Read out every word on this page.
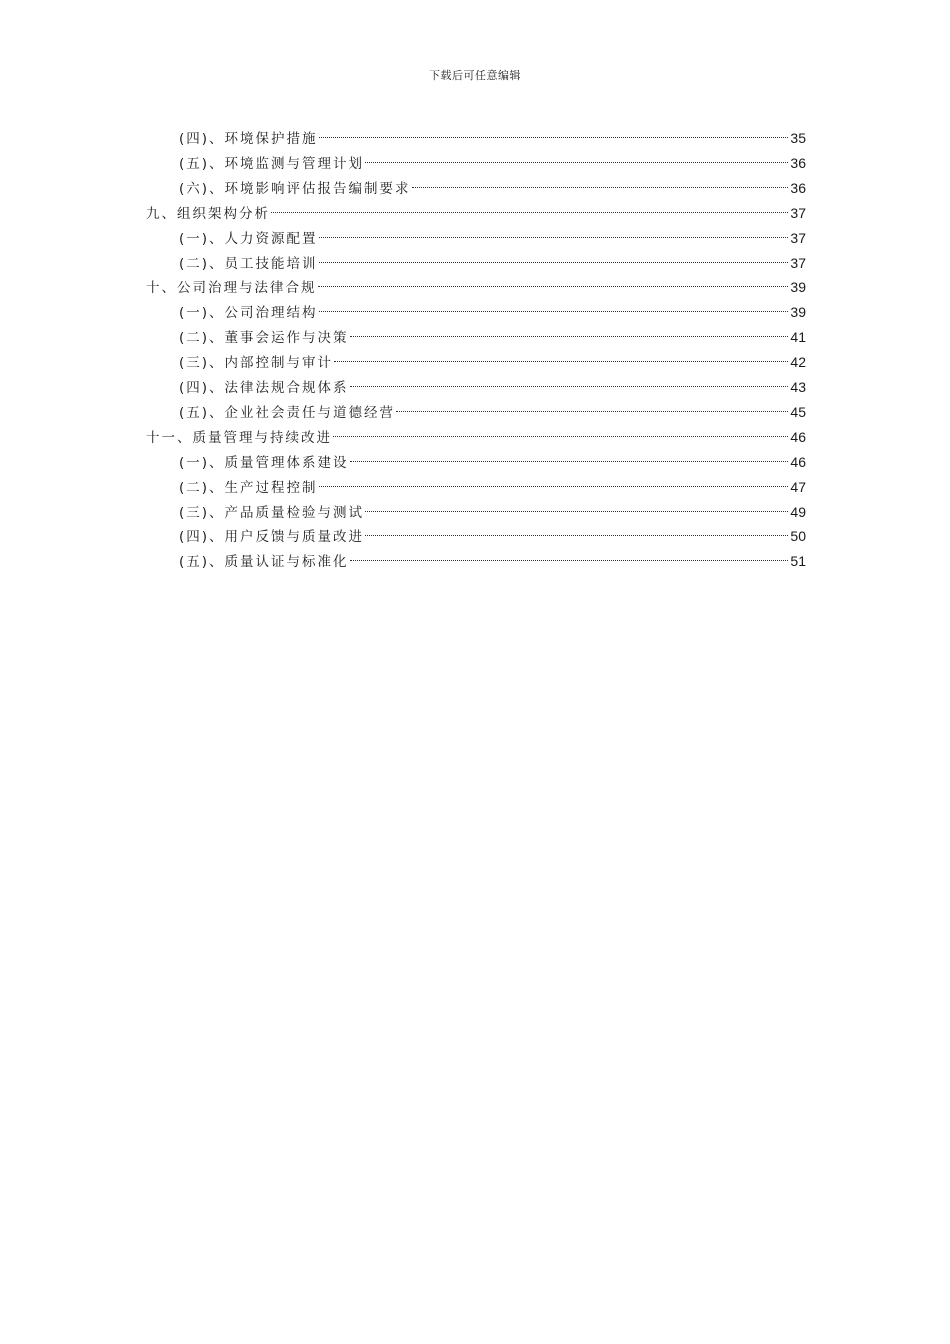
下载后可任意编辑
(四)、环境保护措施	35
(五)、环境监测与管理计划	36
(六)、环境影响评估报告编制要求	36
九、组织架构分析	37
(一)、人力资源配置	37
(二)、员工技能培训	37
十、公司治理与法律合规	39
(一)、公司治理结构	39
(二)、董事会运作与决策	41
(三)、内部控制与审计	42
(四)、法律法规合规体系	43
(五)、企业社会责任与道德经营	45
十一、质量管理与持续改进	46
(一)、质量管理体系建设	46
(二)、生产过程控制	47
(三)、产品质量检验与测试	49
(四)、用户反馈与质量改进	50
(五)、质量认证与标准化	51
